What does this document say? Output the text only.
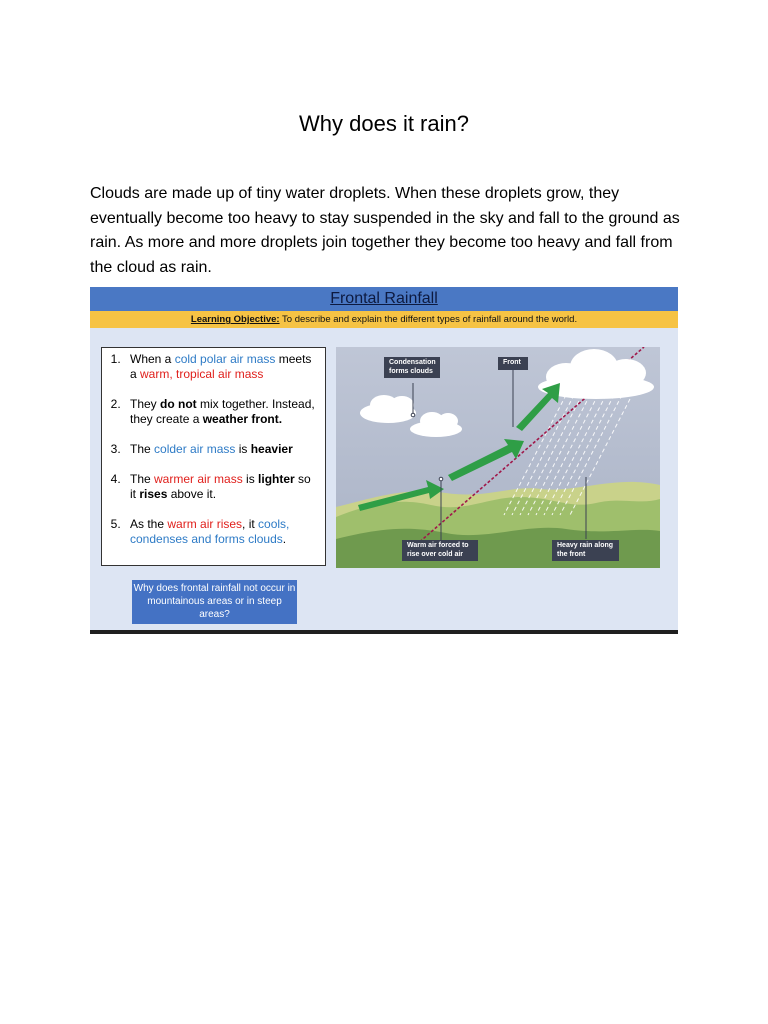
Why does it rain?

Clouds are made up of tiny water droplets. When these droplets grow, they eventually become too heavy to stay suspended in the sky and fall to the ground as rain. As more and more droplets join together they become too heavy and fall from the cloud as rain.

Frontal Rainfall
Learning Objective: To describe and explain the different types of rainfall around the world.
1. When a cold polar air mass meets a warm, tropical air mass
2. They do not mix together. Instead, they create a weather front.
3. The colder air mass is heavier
4. The warmer air mass is lighter so it rises above it.
5. As the warm air rises, it cools, condenses and forms clouds.
Why does frontal rainfall not occur in mountainous areas or in steep areas?
Condensation forms clouds
Front
Warm air forced to rise over cold air
Heavy rain along the front
